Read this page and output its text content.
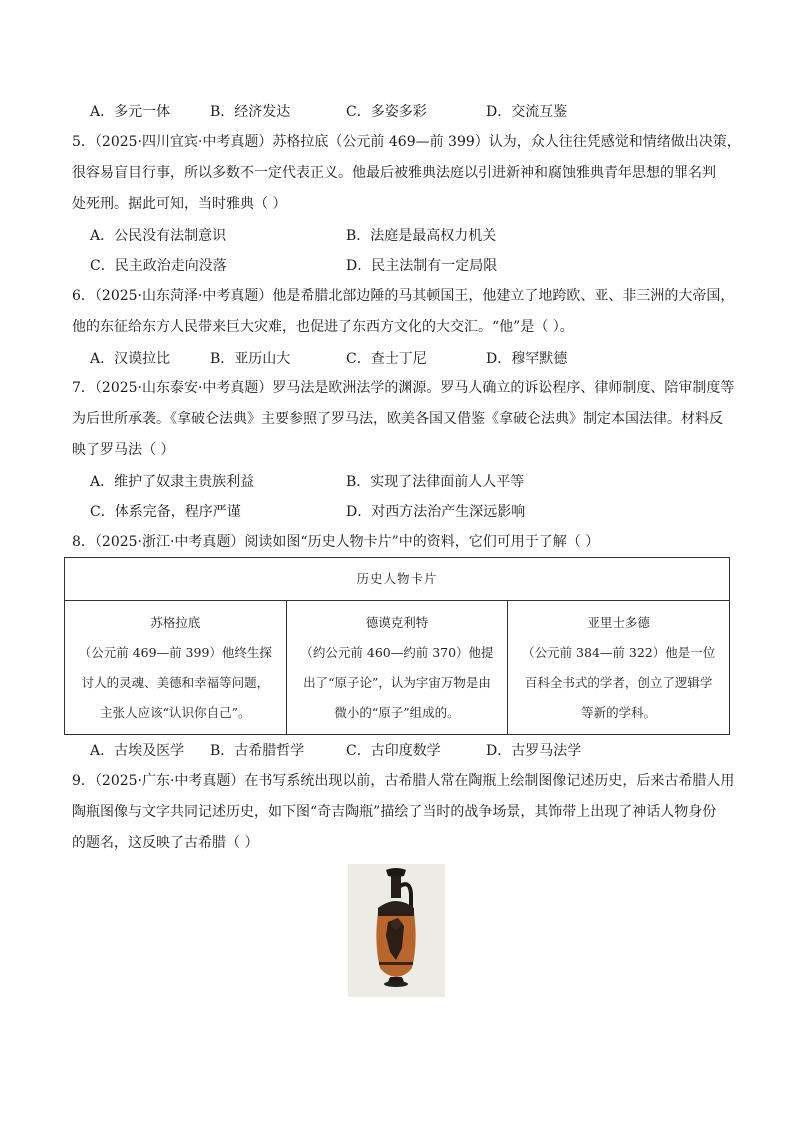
A．多元一体	B．经济发达	C．多姿多彩	D．交流互鉴
5．（2025·四川宜宾·中考真题）苏格拉底（公元前 469—前 399）认为，众人往往凭感觉和情绪做出决策，
很容易盲目行事，所以多数不一定代表正义。他最后被雅典法庭以引进新神和腐蚀雅典青年思想的罪名判
处死刑。据此可知，当时雅典（ ）
A．公民没有法制意识	B．法庭是最高权力机关
C．民主政治走向没落	D．民主法制有一定局限
6．（2025·山东菏泽·中考真题）他是希腊北部边陲的马其顿国王，他建立了地跨欧、亚、非三洲的大帝国，
他的东征给东方人民带来巨大灾难，也促进了东西方文化的大交汇。“他”是（ ）。
A．汉谟拉比	B．亚历山大	C．查士丁尼	D．穆罕默德
7．（2025·山东泰安·中考真题）罗马法是欧洲法学的渊源。罗马人确立的诉讼程序、律师制度、陪审制度等
为后世所承袭。《拿破仑法典》主要参照了罗马法，欧美各国又借鉴《拿破仑法典》制定本国法律。材料反
映了罗马法（ ）
A．维护了奴隶主贵族利益	B．实现了法律面前人人平等
C．体系完备，程序严谨	D．对西方法治产生深远影响
8．（2025·浙江·中考真题）阅读如图“历史人物卡片”中的资料，它们可用于了解（ ）
历史人物卡片

苏格拉底
（公元前 469—前 399）他终生探
讨人的灵魂、美德和幸福等问题，
主张人应该“认识你自己”。

德谟克利特
（约公元前 460—约前 370）他提
出了“原子论”，认为宇宙万物是由
微小的“原子”组成的。

亚里士多德
（公元前 384—前 322）他是一位
百科全书式的学者，创立了逻辑学
等新的学科。
A．古埃及医学 B．古希腊哲学	C．古印度数学	D．古罗马法学
9．（2025·广东·中考真题）在书写系统出现以前，古希腊人常在陶瓶上绘制图像记述历史，后来古希腊人用
陶瓶图像与文字共同记述历史，如下图“奇吉陶瓶”描绘了当时的战争场景，其饰带上出现了神话人物身份
的题名，这反映了古希腊（ ）
